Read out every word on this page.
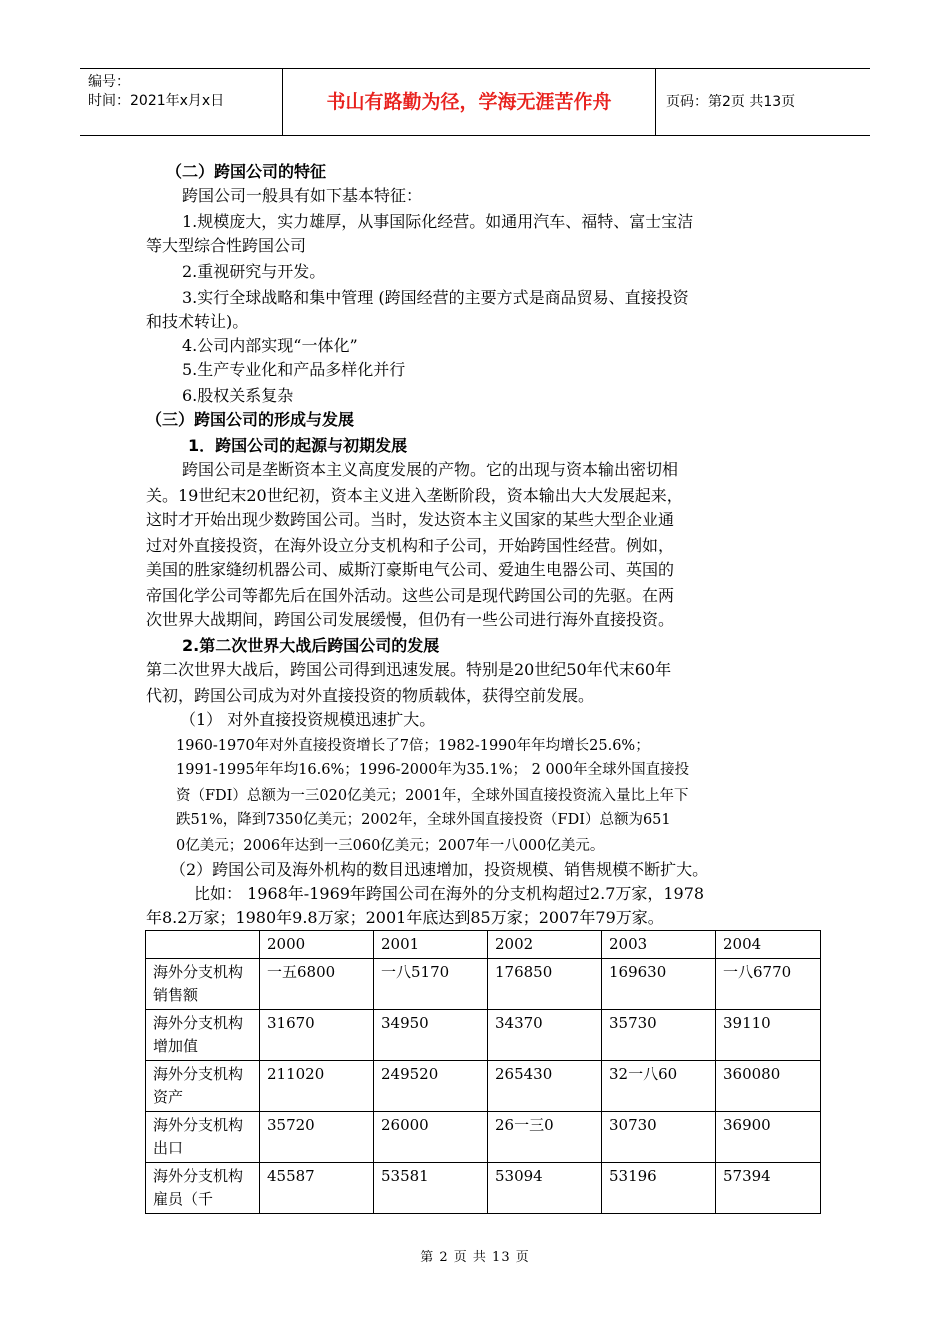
编号：
时间：2021年x月x日	书山有路勤为径，学海无涯苦作舟	页码：第2页 共13页
（二）跨国公司的特征
跨国公司一般具有如下基本特征：
1.规模庞大，实力雄厚，从事国际化经营。如通用汽车、福特、富士宝洁
等大型综合性跨国公司
2.重视研究与开发。
3.实行全球战略和集中管理 (跨国经营的主要方式是商品贸易、直接投资
和技术转让)。
4.公司内部实现“一体化”
5.生产专业化和产品多样化并行
6.股权关系复杂
（三）跨国公司的形成与发展
1．跨国公司的起源与初期发展
跨国公司是垄断资本主义高度发展的产物。它的出现与资本输出密切相
关。19世纪末20世纪初，资本主义进入垄断阶段，资本输出大大发展起来，
这时才开始出现少数跨国公司。当时，发达资本主义国家的某些大型企业通
过对外直接投资，在海外设立分支机构和子公司，开始跨国性经营。例如，
美国的胜家缝纫机器公司、威斯汀豪斯电气公司、爱迪生电器公司、英国的
帝国化学公司等都先后在国外活动。这些公司是现代跨国公司的先驱。在两
次世界大战期间，跨国公司发展缓慢，但仍有一些公司进行海外直接投资。
2.第二次世界大战后跨国公司的发展
第二次世界大战后，跨国公司得到迅速发展。特别是20世纪50年代末60年
代初，跨国公司成为对外直接投资的物质载体，获得空前发展。
（1） 对外直接投资规模迅速扩大。
1960-1970年对外直接投资增长了7倍；1982-1990年年均增长25.6%；
1991-1995年年均16.6%；1996-2000年为35.1%； 2 000年全球外国直接投
资（FDI）总额为一三020亿美元；2001年，全球外国直接投资流入量比上年下
跌51%，降到7350亿美元；2002年，全球外国直接投资（FDI）总额为651
0亿美元；2006年达到一三060亿美元；2007年一八000亿美元。
（2）跨国公司及海外机构的数目迅速增加，投资规模、销售规模不断扩大。
比如： 1968年-1969年跨国公司在海外的分支机构超过2.7万家，1978
年8.2万家；1980年9.8万家；2001年底达到85万家；2007年79万家。
	2000	2001	2002	2003	2004
海外分支机构销售额	一五6800	一八5170	176850	169630	一八6770
海外分支机构增加值	31670	34950	34370	35730	39110
海外分支机构资产	211020	249520	265430	32一八60	360080
海外分支机构出口	35720	26000	26一三0	30730	36900
海外分支机构雇员（千	45587	53581	53094	53196	57394
第 2 页 共 13 页
